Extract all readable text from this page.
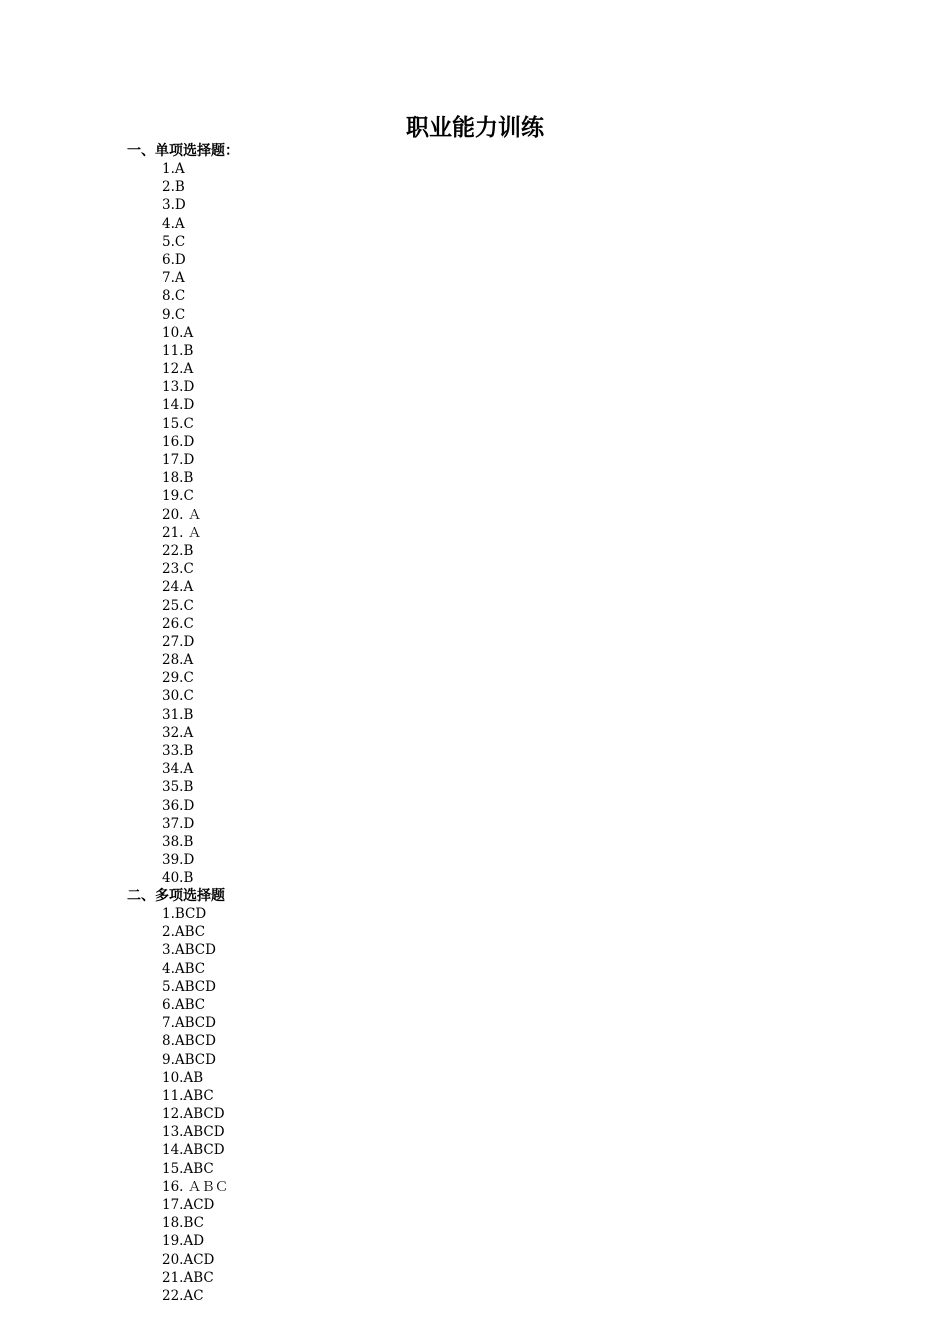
职业能力训练
一、单项选择题：
1.A
2.B
3.D
4.A
5.C
6.D
7.A
8.C
9.C
10.A
11.B
12.A
13.D
14.D
15.C
16.D
17.D
18.B
19.C
20. Ａ
21. Ａ
22.B
23.C
24.A
25.C
26.C
27.D
28.A
29.C
30.C
31.B
32.A
33.B
34.A
35.B
36.D
37.D
38.B
39.D
40.B
二、多项选择题
1.BCD
2.ABC
3.ABCD
4.ABC
5.ABCD
6.ABC
7.ABCD
8.ABCD
9.ABCD
10.AB
11.ABC
12.ABCD
13.ABCD
14.ABCD
15.ABC
16. ＡＢＣ
17.ACD
18.BC
19.AD
20.ACD
21.ABC
22.AC
